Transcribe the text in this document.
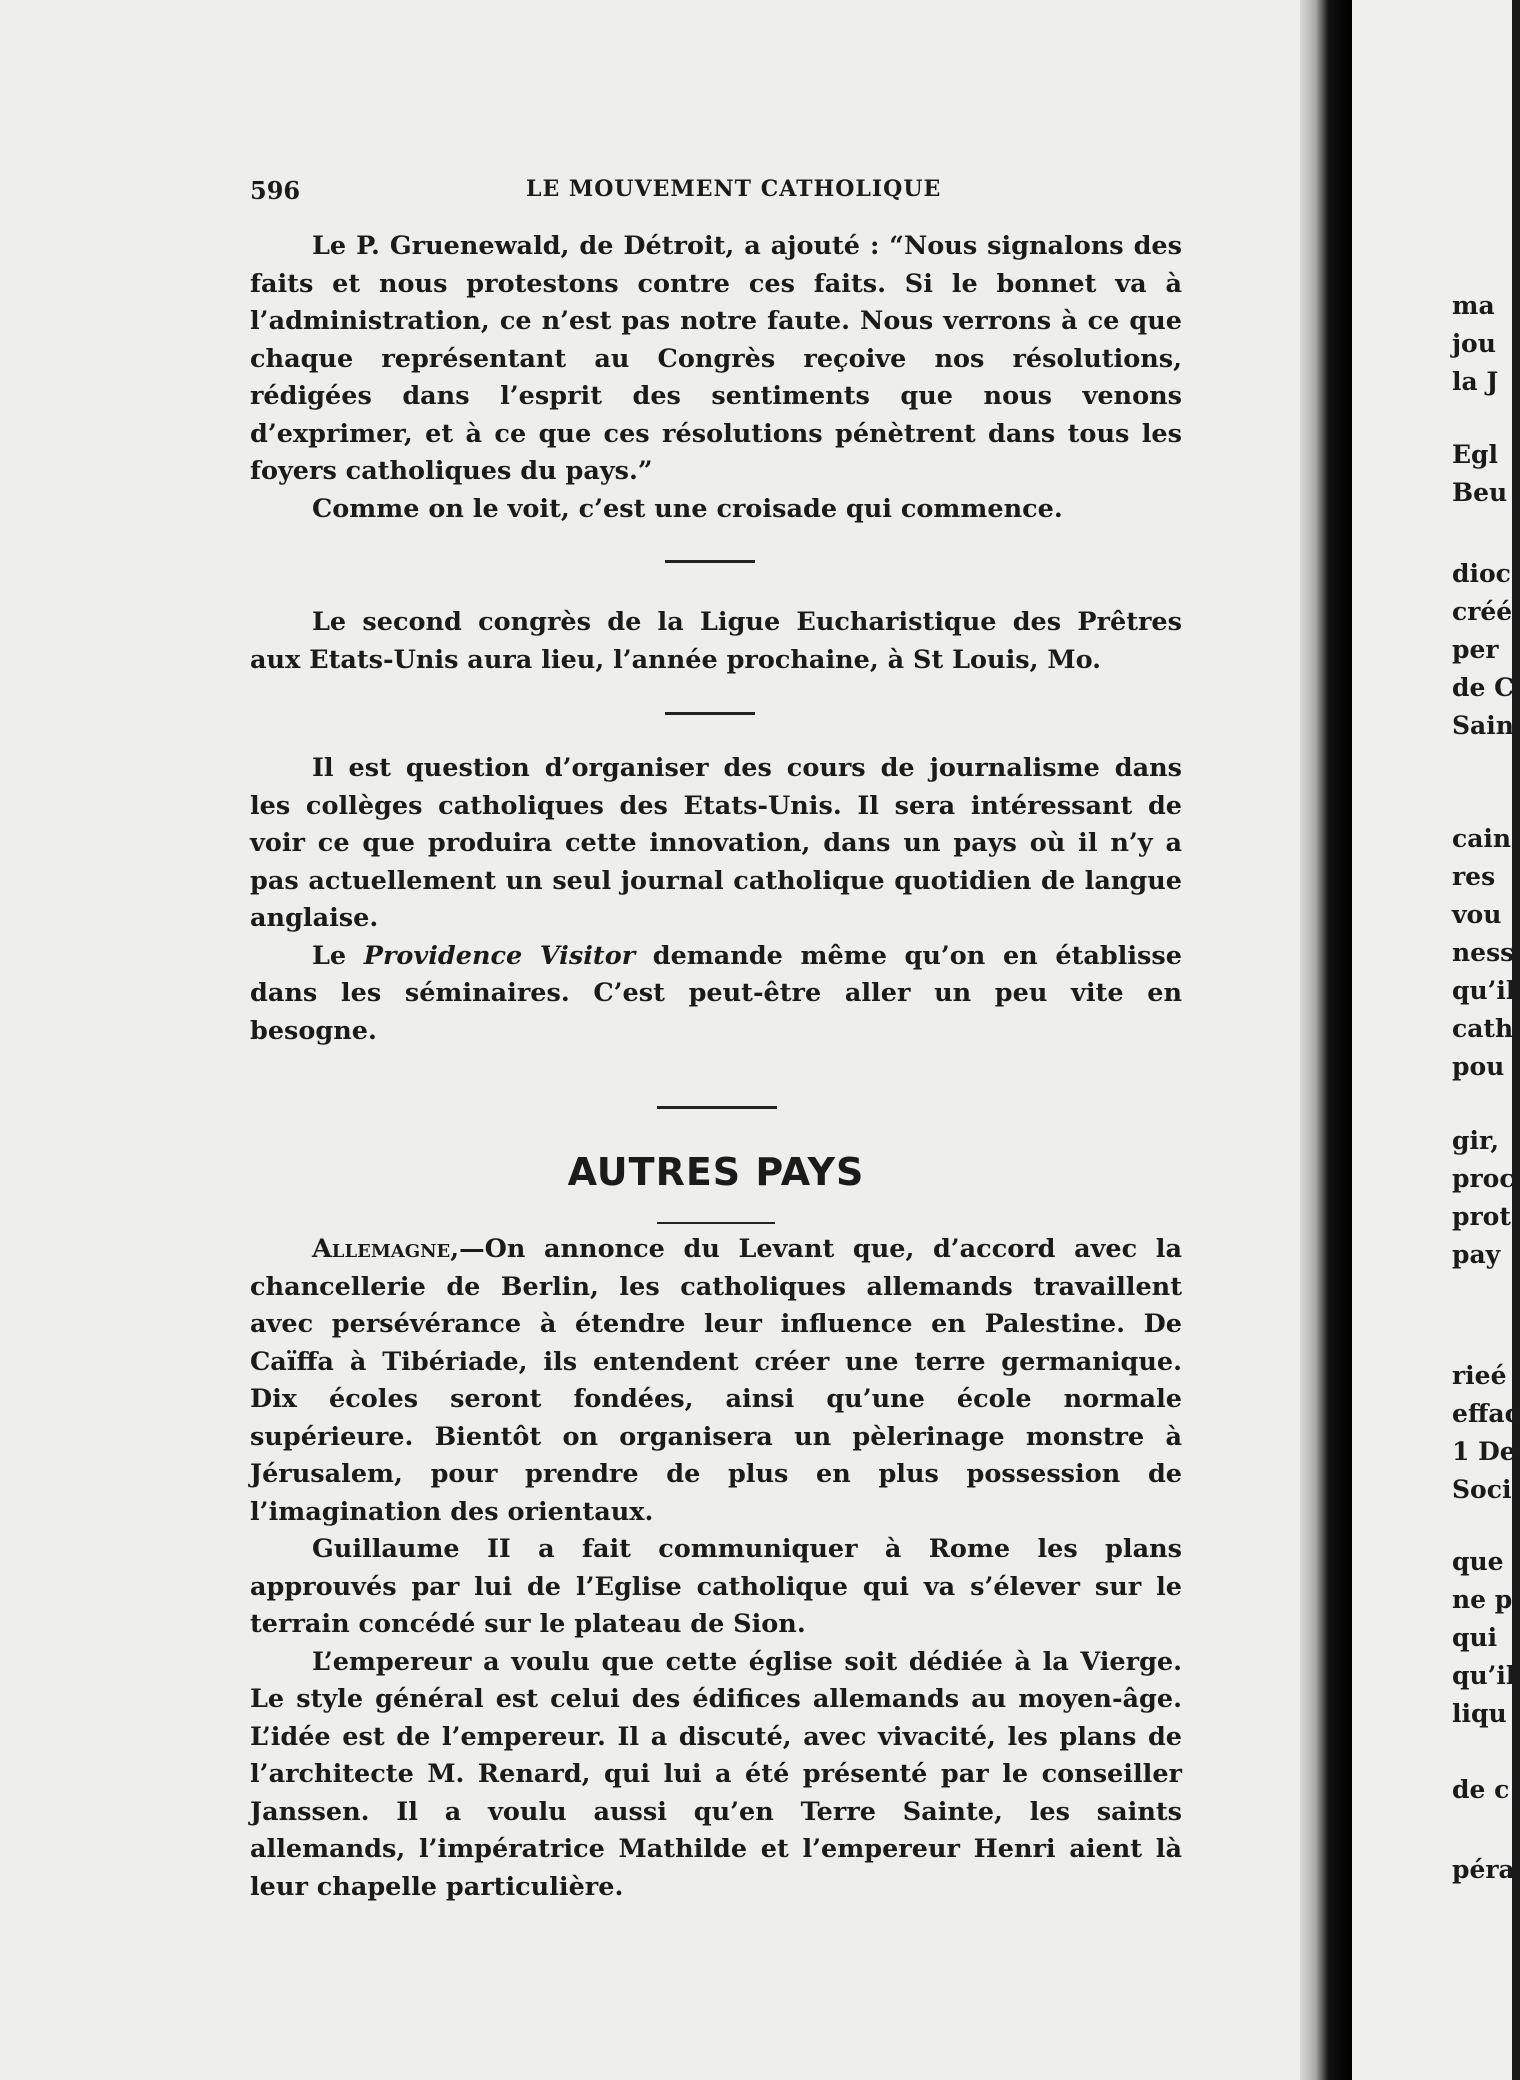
596	LE MOUVEMENT CATHOLIQUE

Le P. Gruenewald, de Détroit, a ajouté : “Nous signalons des faits et nous protestons contre ces faits. Si le bonnet va à l’administration, ce n’est pas notre faute. Nous verrons à ce que chaque représentant au Congrès reçoive nos résolutions, rédigées dans l’esprit des sentiments que nous venons d’exprimer, et à ce que ces résolutions pénètrent dans tous les foyers catholiques du pays.”

Comme on le voit, c’est une croisade qui commence.

Le second congrès de la Ligue Eucharistique des Prêtres aux Etats-Unis aura lieu, l’année prochaine, à St Louis, Mo.

Il est question d’organiser des cours de journalisme dans les collèges catholiques des Etats-Unis. Il sera intéressant de voir ce que produira cette innovation, dans un pays où il n’y a pas actuellement un seul journal catholique quotidien de langue anglaise.

Le Providence Visitor demande même qu’on en établisse dans les séminaires. C’est peut-être aller un peu vite en besogne.

AUTRES PAYS

Allemagne,—On annonce du Levant que, d’accord avec la chancellerie de Berlin, les catholiques allemands travaillent avec persévérance à étendre leur influence en Palestine. De Caïffa à Tibériade, ils entendent créer une terre germanique. Dix écoles seront fondées, ainsi qu’une école normale supérieure. Bientôt on organisera un pèlerinage monstre à Jérusalem, pour prendre de plus en plus possession de l’imagination des orientaux.

Guillaume II a fait communiquer à Rome les plans approuvés par lui de l’Eglise catholique qui va s’élever sur le terrain concédé sur le plateau de Sion.

L’empereur a voulu que cette église soit dédiée à la Vierge. Le style général est celui des édifices allemands au moyen-âge. L’idée est de l’empereur. Il a discuté, avec vivacité, les plans de l’architecte M. Renard, qui lui a été présenté par le conseiller Janssen. Il a voulu aussi qu’en Terre Sainte, les saints allemands, l’impératrice Mathilde et l’empereur Henri aient là leur chapelle particulière.

ma
jou
la J
Egl
Beu
dioc
créé
per
de C
Sain
cain
res
vou
ness
qu’il
cath
pou
gir,
proc
prot
pay
rieé
effac
1 De
Soci
que
ne p
qui
qu’il
liqu
de c
péra
